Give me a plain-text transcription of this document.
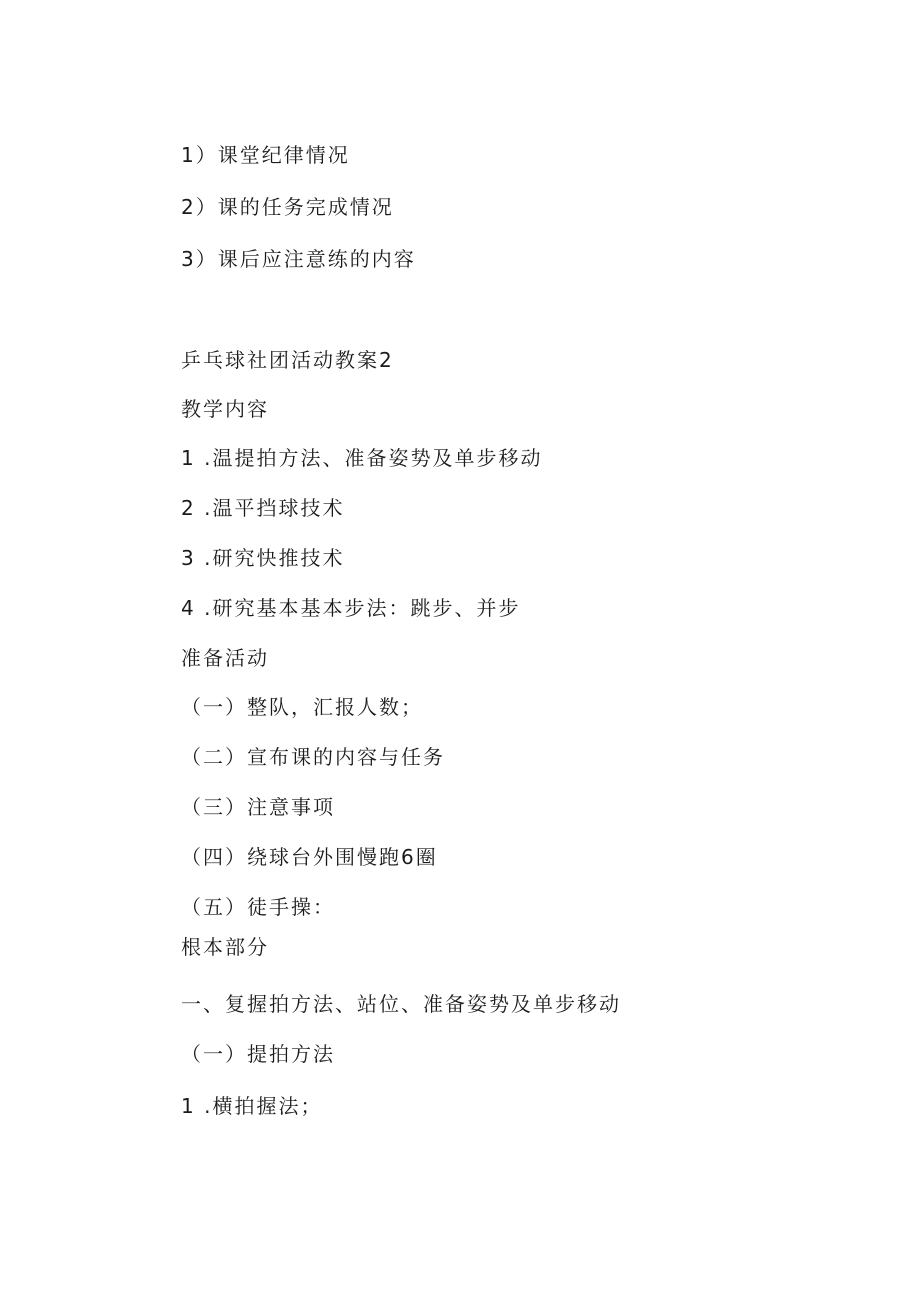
1）课堂纪律情况

2）课的任务完成情况

3）课后应注意练的内容

乒乓球社团活动教案2

教学内容

1 .温提拍方法、准备姿势及单步移动

2 .温平挡球技术

3 .研究快推技术

4 .研究基本基本步法：跳步、并步

准备活动

（一）整队，汇报人数；

（二）宣布课的内容与任务

（三）注意事项

（四）绕球台外围慢跑6圈

（五）徒手操：

根本部分

一、复握拍方法、站位、准备姿势及单步移动

（一）提拍方法

1 .横拍握法；
